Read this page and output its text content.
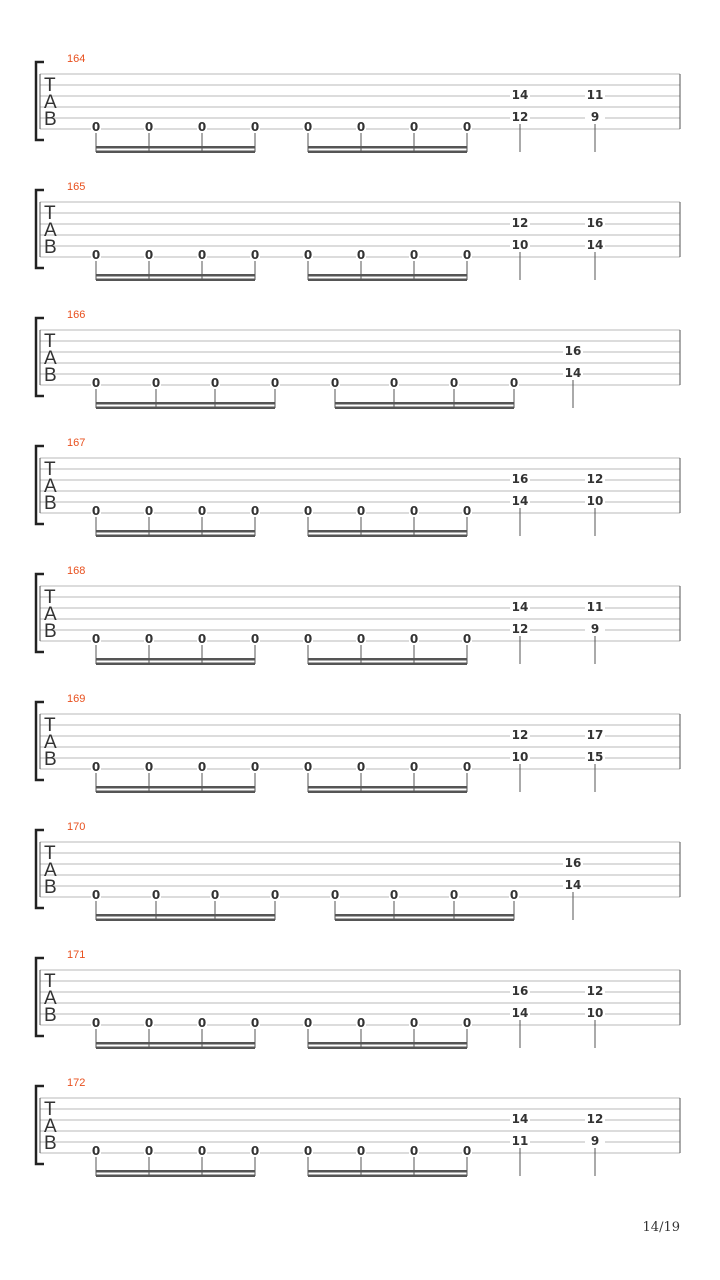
T
A
B
164
0	0	0	0	0	0	0	0
14
12
11
9
T
A
B
165
0	0	0	0	0	0	0	0
12
10
16
14
T
A
B
166
0	0	0	0	0	0	0	0
16
14
T
A
B
167
0	0	0	0	0	0	0	0
16
14
12
10
T
A
B
168
0	0	0	0	0	0	0	0
14
12
11
9
T
A
B
169
0	0	0	0	0	0	0	0
12
10
17
15
T
A
B
170
0	0	0	0	0	0	0	0
16
14
T
A
B
171
0	0	0	0	0	0	0	0
16
14
12
10
T
A
B
172
0	0	0	0	0	0	0	0
14
11
12
9
14/19
